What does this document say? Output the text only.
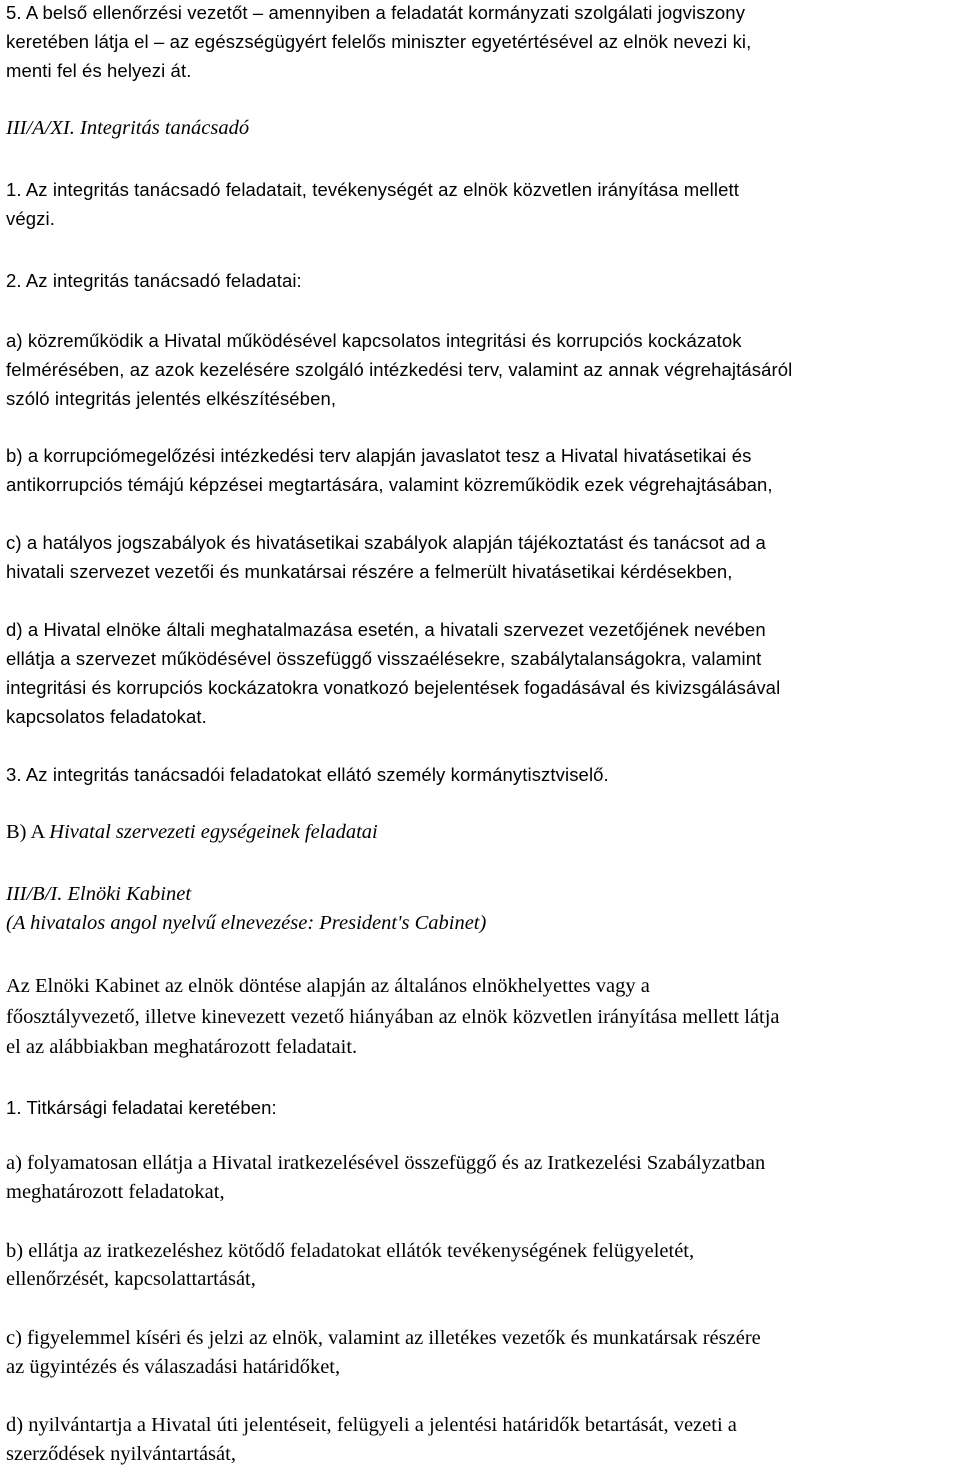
5. A belső ellenőrzési vezetőt – amennyiben a feladatát kormányzati szolgálati jogviszony
keretében látja el – az egészségügyért felelős miniszter egyetértésével az elnök nevezi ki,
menti fel és helyezi át.
III/A/XI. Integritás tanácsadó
1. Az integritás tanácsadó feladatait, tevékenységét az elnök közvetlen irányítása mellett
végzi.
2. Az integritás tanácsadó feladatai:
a) közreműködik a Hivatal működésével kapcsolatos integritási és korrupciós kockázatok
felmérésében, az azok kezelésére szolgáló intézkedési terv, valamint az annak végrehajtásáról
szóló integritás jelentés elkészítésében,
b) a korrupciómegelőzési intézkedési terv alapján javaslatot tesz a Hivatal hivatásetikai és
antikorrupciós témájú képzései megtartására, valamint közreműködik ezek végrehajtásában,
c) a hatályos jogszabályok és hivatásetikai szabályok alapján tájékoztatást és tanácsot ad a
hivatali szervezet vezetői és munkatársai részére a felmerült hivatásetikai kérdésekben,
d) a Hivatal elnöke általi meghatalmazása esetén, a hivatali szervezet vezetőjének nevében
ellátja a szervezet működésével összefüggő visszaélésekre, szabálytalanságokra, valamint
integritási és korrupciós kockázatokra vonatkozó bejelentések fogadásával és kivizsgálásával
kapcsolatos feladatokat.
3. Az integritás tanácsadói feladatokat ellátó személy kormánytisztviselő.
B) A Hivatal szervezeti egységeinek feladatai
III/B/I. Elnöki Kabinet
(A hivatalos angol nyelvű elnevezése: President's Cabinet)
Az Elnöki Kabinet az elnök döntése alapján az általános elnökhelyettes vagy a
főosztályvezető, illetve kinevezett vezető hiányában az elnök közvetlen irányítása mellett látja
el az alábbiakban meghatározott feladatait.
1. Titkársági feladatai keretében:
a) folyamatosan ellátja a Hivatal iratkezelésével összefüggő és az Iratkezelési Szabályzatban
meghatározott feladatokat,
b) ellátja az iratkezeléshez kötődő feladatokat ellátók tevékenységének felügyeletét,
ellenőrzését, kapcsolattartását,
c) figyelemmel kíséri és jelzi az elnök, valamint az illetékes vezetők és munkatársak részére
az ügyintézés és válaszadási határidőket,
d) nyilvántartja a Hivatal úti jelentéseit, felügyeli a jelentési határidők betartását, vezeti a
szerződések nyilvántartását,
